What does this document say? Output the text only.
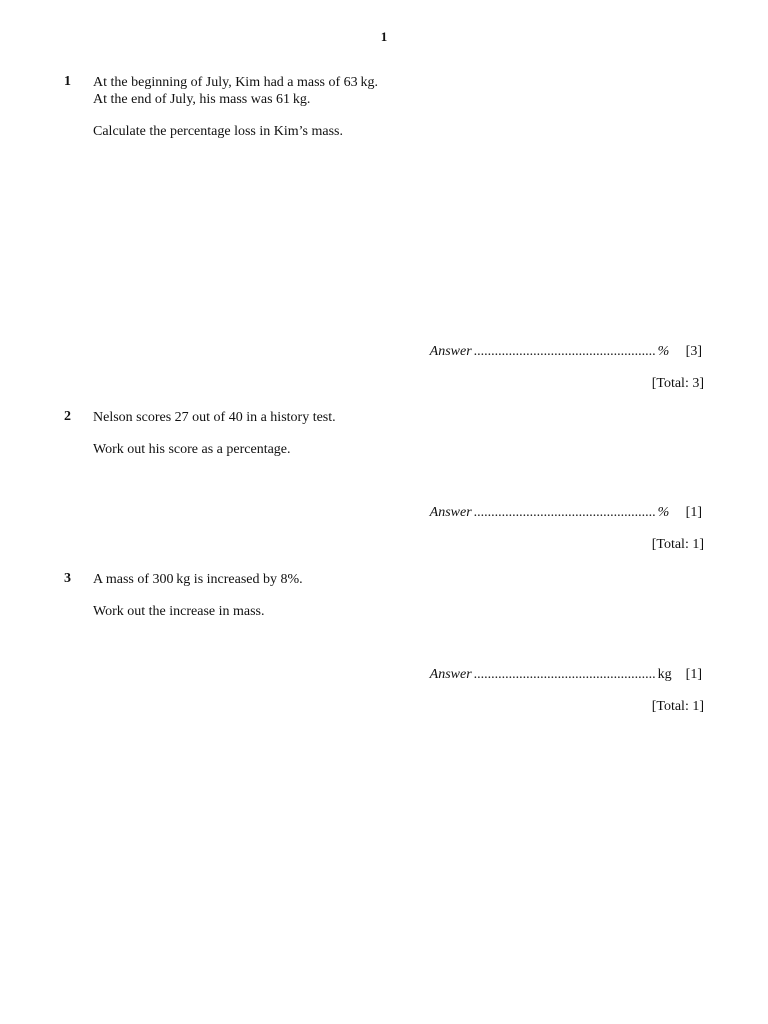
1
1 At the beginning of July, Kim had a mass of 63 kg.
At the end of July, his mass was 61 kg.
Calculate the percentage loss in Kim’s mass.
Answer .................................................... % [3]
[Total: 3]
2 Nelson scores 27 out of 40 in a history test.
Work out his score as a percentage.
Answer .................................................... % [1]
[Total: 1]
3 A mass of 300 kg is increased by 8%.
Work out the increase in mass.
Answer .................................................... kg [1]
[Total: 1]
